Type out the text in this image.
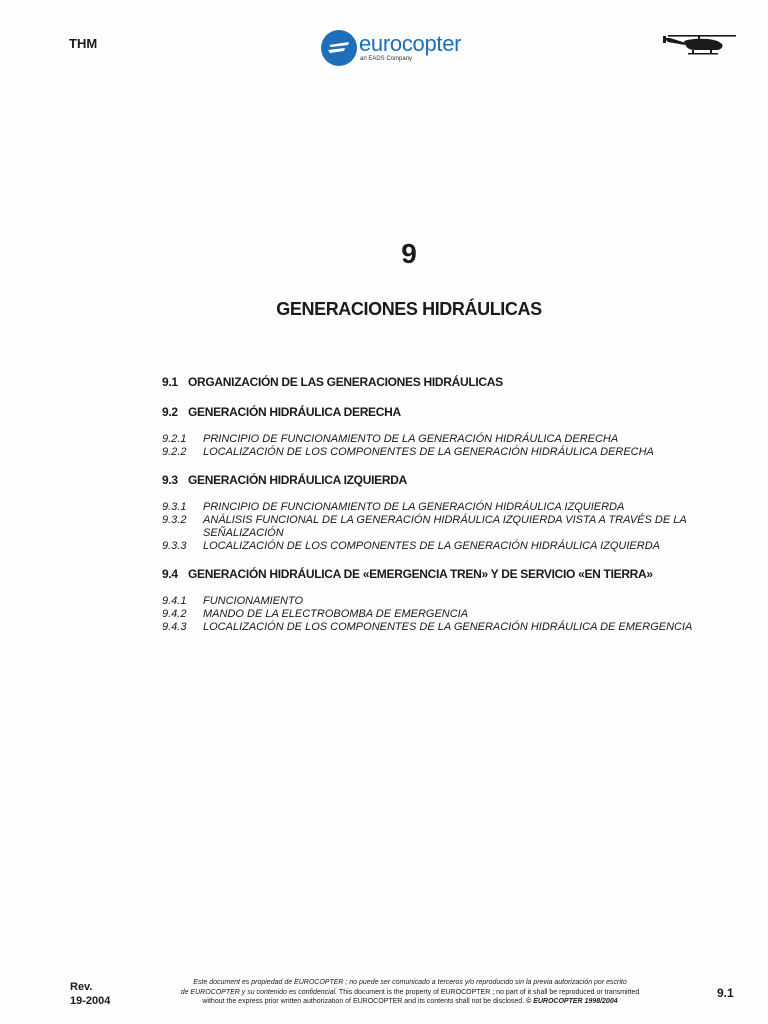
THM	eurocopter
an EADS Company
9
GENERACIONES HIDRÁULICAS
9.1 ORGANIZACIÓN DE LAS GENERACIONES HIDRÁULICAS
9.2 GENERACIÓN HIDRÁULICA DERECHA
9.2.1	PRINCIPIO DE FUNCIONAMIENTO DE LA GENERACIÓN HIDRÁULICA DERECHA
9.2.2	LOCALIZACIÓN DE LOS COMPONENTES DE LA GENERACIÓN HIDRÁULICA DERECHA
9.3 GENERACIÓN HIDRÁULICA IZQUIERDA
9.3.1	PRINCIPIO DE FUNCIONAMIENTO DE LA GENERACIÓN HIDRÁULICA IZQUIERDA
9.3.2	ANÁLISIS FUNCIONAL DE LA GENERACIÓN HIDRÁULICA IZQUIERDA VISTA A TRAVÉS DE LA SEÑALIZACIÓN
9.3.3	LOCALIZACIÓN DE LOS COMPONENTES DE LA GENERACIÓN HIDRÁULICA IZQUIERDA
9.4 GENERACIÓN HIDRÁULICA DE «EMERGENCIA TREN» Y DE SERVICIO «EN TIERRA»
9.4.1	FUNCIONAMIENTO
9.4.2	MANDO DE LA ELECTROBOMBA DE EMERGENCIA
9.4.3	LOCALIZACIÓN DE LOS COMPONENTES DE LA GENERACIÓN HIDRÁULICA DE EMERGENCIA
Rev.
19-2004
Este document es propiedad de EUROCOPTER ; no puede ser comunicado a terceros y/o reproducido sin la previa autorización por escrito
de EUROCOPTER y su contenido es confidencial. This document is the property of EUROCOPTER ; no part of it shall be reproduced or transmitted
without the express prior written authorization of EUROCOPTER and its contents shall not be disclosed. © EUROCOPTER 1998/2004
9.1
